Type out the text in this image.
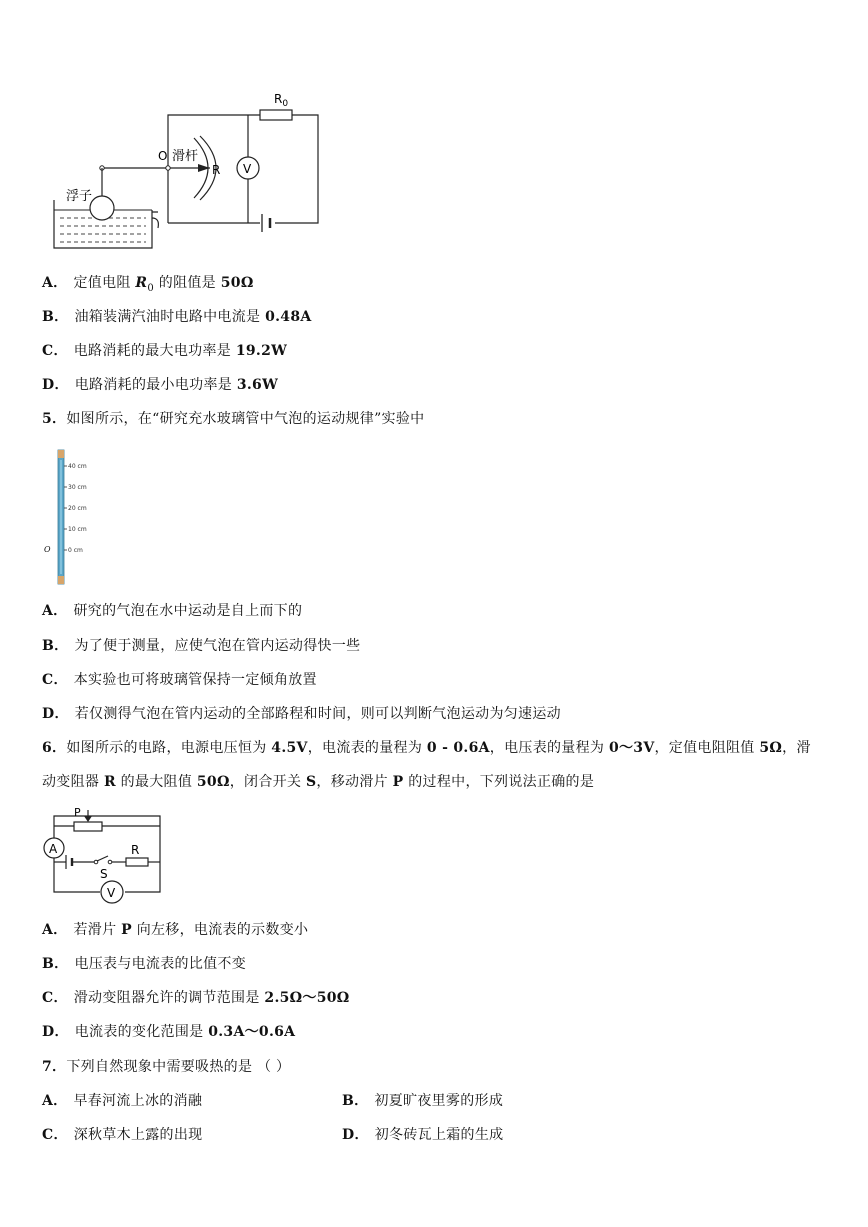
$R_0$
V
R
O 滑杆
浮子
A． 定值电阻 $R_0$ 的阻值是 50Ω
B． 油箱装满汽油时电路中电流是 0.48A
C． 电路消耗的最大电功率是 19.2W
D． 电路消耗的最小电功率是 3.6W
5．如图所示，在“研究充水玻璃管中气泡的运动规律”实验中
40 cm
30 cm
20 cm
10 cm
0 cm
O
A． 研究的气泡在水中运动是自上而下的
B． 为了便于测量，应使气泡在管内运动得快一些
C． 本实验也可将玻璃管保持一定倾角放置
D． 若仅测得气泡在管内运动的全部路程和时间，则可以判断气泡运动为匀速运动
6．如图所示的电路，电源电压恒为 4.5V，电流表的量程为 0 - 0.6A，电压表的量程为 0～3V，定值电阻阻值 5Ω，滑
动变阻器 R 的最大阻值 50Ω，闭合开关 S，移动滑片 P 的过程中，下列说法正确的是
A
P
S
R
V
A． 若滑片 P 向左移，电流表的示数变小
B． 电压表与电流表的比值不变
C． 滑动变阻器允许的调节范围是 2.5Ω～50Ω
D． 电流表的变化范围是 0.3A～0.6A
7．下列自然现象中需要吸热的是 （ ）
A． 早春河流上冰的消融	B． 初夏旷夜里雾的形成
C． 深秋草木上露的出现	D． 初冬砖瓦上霜的生成
